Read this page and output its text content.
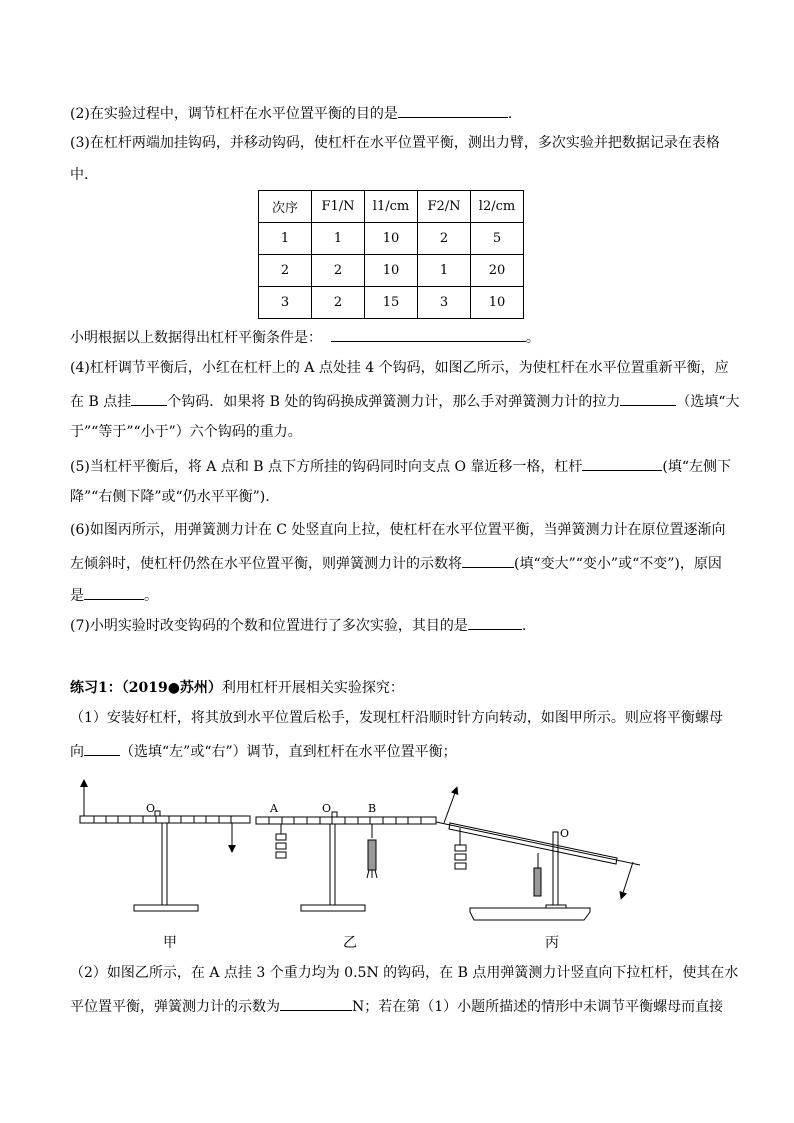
(2)在实验过程中，调节杠杆在水平位置平衡的目的是	.
(3)在杠杆两端加挂钩码，并移动钩码，使杠杆在水平位置平衡，测出力臂，多次实验并把数据记录在表格
中.
次序	F1/N	l1/cm	F2/N	l2/cm
1	1	10	2	5
2	2	10	1	20
3	2	15	3	10
小明根据以上数据得出杠杆平衡条件是：	。
(4)杠杆调节平衡后，小红在杠杆上的 A 点处挂 4 个钩码，如图乙所示，为使杠杆在水平位置重新平衡，应
在 B 点挂	个钩码．如果将 B 处的钩码换成弹簧测力计，那么手对弹簧测力计的拉力	（选填“大
于”“等于”“小于”）六个钩码的重力。
(5)当杠杆平衡后，将 A 点和 B 点下方所挂的钩码同时向支点 O 靠近移一格，杠杆	(填“左侧下
降”“右侧下降”或“仍水平平衡”).
(6)如图丙所示，用弹簧测力计在 C 处竖直向上拉，使杠杆在水平位置平衡，当弹簧测力计在原位置逐渐向
左倾斜时，使杠杆仍然在水平位置平衡，则弹簧测力计的示数将	(填“变大”“变小”或“不变”)，原因
是	。
(7)小明实验时改变钩码的个数和位置进行了多次实验，其目的是	.
练习1：（2019●苏州）利用杠杆开展相关实验探究：
（1）安装好杠杆，将其放到水平位置后松手，发现杠杆沿顺时针方向转动，如图甲所示。则应将平衡螺母
向	（选填“左”或“右”）调节，直到杠杆在水平位置平衡；
O	A	O	B
O
甲	乙	丙
（2）如图乙所示，在 A 点挂 3 个重力均为 0.5N 的钩码，在 B 点用弹簧测力计竖直向下拉杠杆，使其在水
平位置平衡，弹簧测力计的示数为	N；若在第（1）小题所描述的情形中未调节平衡螺母而直接
